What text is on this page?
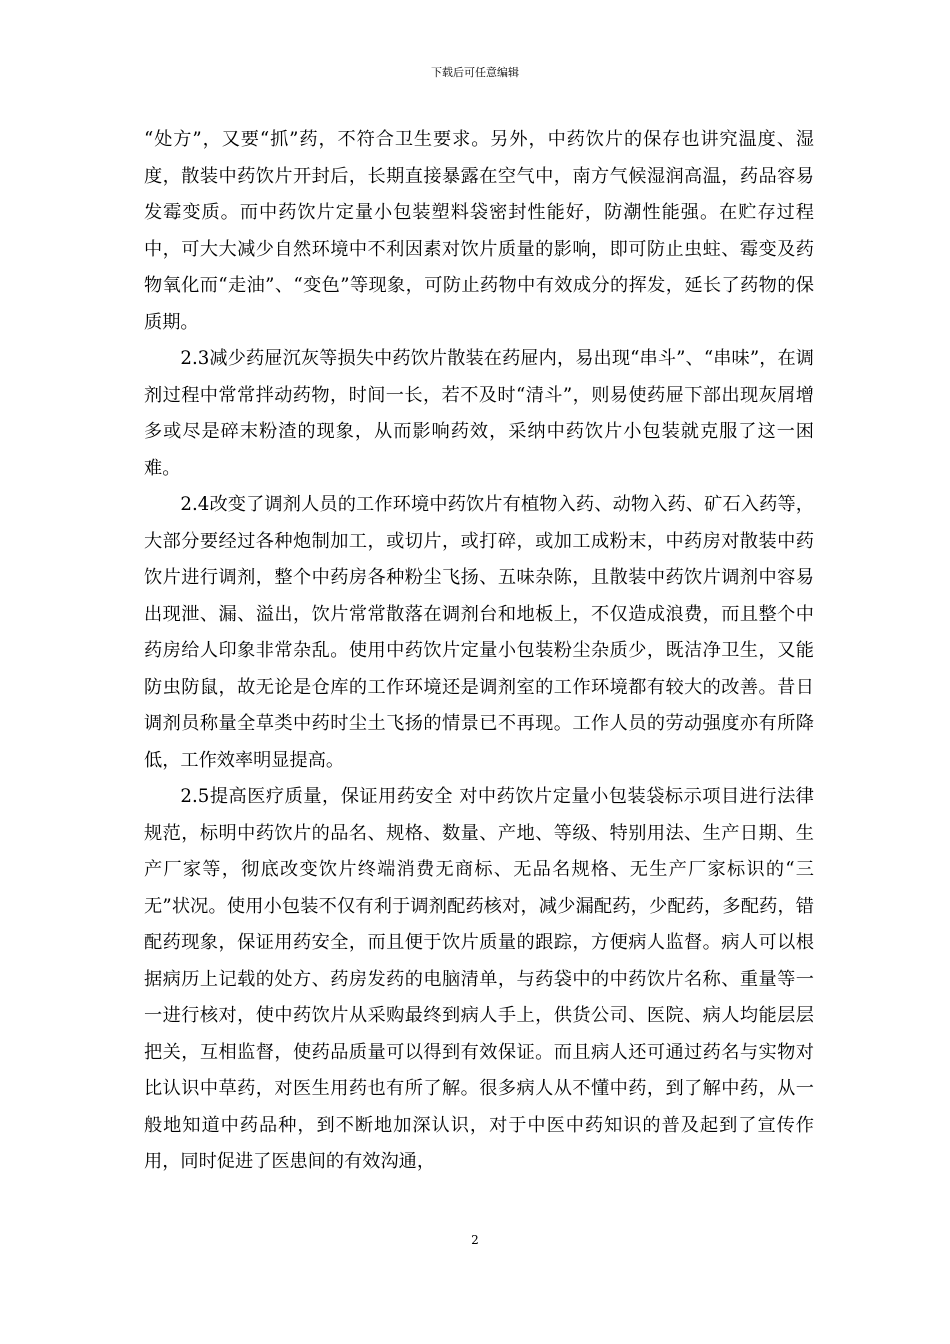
下载后可任意编辑

“处方”，又要“抓”药，不符合卫生要求。另外，中药饮片的保存也讲究温度、湿度，散装中药饮片开封后，长期直接暴露在空气中，南方气候湿润高温，药品容易发霉变质。而中药饮片定量小包装塑料袋密封性能好，防潮性能强。在贮存过程中，可大大减少自然环境中不利因素对饮片质量的影响，即可防止虫蛀、霉变及药物氧化而“走油”、“变色”等现象，可防止药物中有效成分的挥发，延长了药物的保质期。

2.3减少药屉沉灰等损失中药饮片散装在药屉内，易出现“串斗”、“串味”，在调剂过程中常常拌动药物，时间一长，若不及时“清斗”，则易使药屉下部出现灰屑增多或尽是碎末粉渣的现象，从而影响药效，采纳中药饮片小包装就克服了这一困难。

2.4改变了调剂人员的工作环境中药饮片有植物入药、动物入药、矿石入药等，大部分要经过各种炮制加工，或切片，或打碎，或加工成粉末，中药房对散装中药饮片进行调剂，整个中药房各种粉尘飞扬、五味杂陈，且散装中药饮片调剂中容易出现泄、漏、溢出，饮片常常散落在调剂台和地板上，不仅造成浪费，而且整个中药房给人印象非常杂乱。使用中药饮片定量小包装粉尘杂质少，既洁净卫生，又能防虫防鼠，故无论是仓库的工作环境还是调剂室的工作环境都有较大的改善。昔日调剂员称量全草类中药时尘土飞扬的情景已不再现。工作人员的劳动强度亦有所降低，工作效率明显提高。

2.5提高医疗质量，保证用药安全 对中药饮片定量小包装袋标示项目进行法律规范，标明中药饮片的品名、规格、数量、产地、等级、特别用法、生产日期、生产厂家等，彻底改变饮片终端消费无商标、无品名规格、无生产厂家标识的“三无”状况。使用小包装不仅有利于调剂配药核对，减少漏配药，少配药，多配药，错配药现象，保证用药安全，而且便于饮片质量的跟踪，方便病人监督。病人可以根据病历上记载的处方、药房发药的电脑清单，与药袋中的中药饮片名称、重量等一一进行核对，使中药饮片从采购最终到病人手上，供货公司、医院、病人均能层层把关，互相监督，使药品质量可以得到有效保证。而且病人还可通过药名与实物对比认识中草药，对医生用药也有所了解。很多病人从不懂中药，到了解中药，从一般地知道中药品种，到不断地加深认识，对于中医中药知识的普及起到了宣传作用，同时促进了医患间的有效沟通，

2
